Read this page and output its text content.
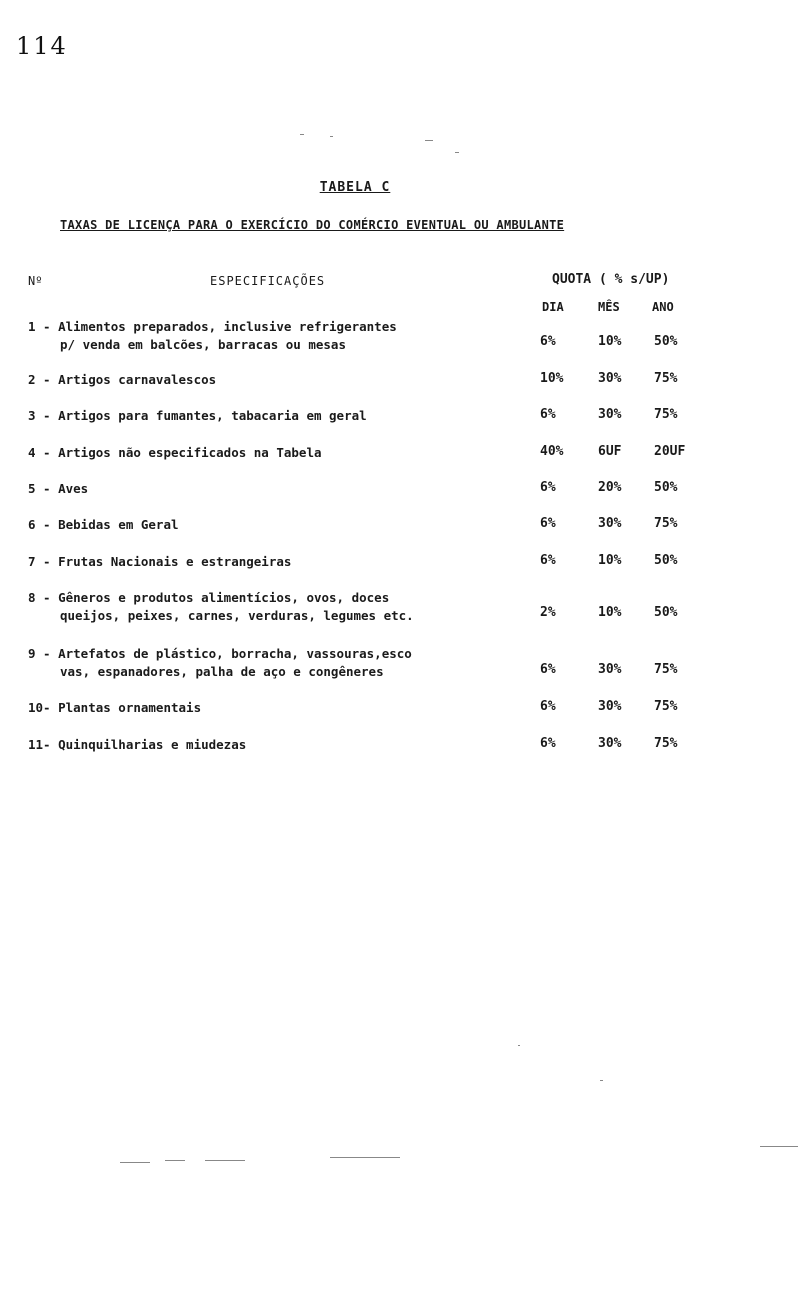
114
TABELA C
TAXAS DE LICENÇA PARA O EXERCÍCIO DO COMÉRCIO EVENTUAL OU AMBULANTE
Nº	ESPECIFICAÇÕES	QUOTA ( % s/UP)
DIA	MÊS	ANO
1 - Alimentos preparados, inclusive refrigerantes
p/ venda em balcões, barracas ou mesas	6%	10%	50%
2 - Artigos carnavalescos	10%	30%	75%
3 - Artigos para fumantes, tabacaria em geral	6%	30%	75%
4 - Artigos não especificados na Tabela	40%	6UF	20UF
5 - Aves	6%	20%	50%
6 - Bebidas em Geral	6%	30%	75%
7 - Frutas Nacionais e estrangeiras	6%	10%	50%
8 - Gêneros e produtos alimentícios, ovos, doces
queijos, peixes, carnes, verduras, legumes etc.	2%	10%	50%
9 - Artefatos de plástico, borracha, vassouras,esco
vas, espanadores, palha de aço e congêneres	6%	30%	75%
10- Plantas ornamentais	6%	30%	75%
11- Quinquilharias e miudezas	6%	30%	75%
